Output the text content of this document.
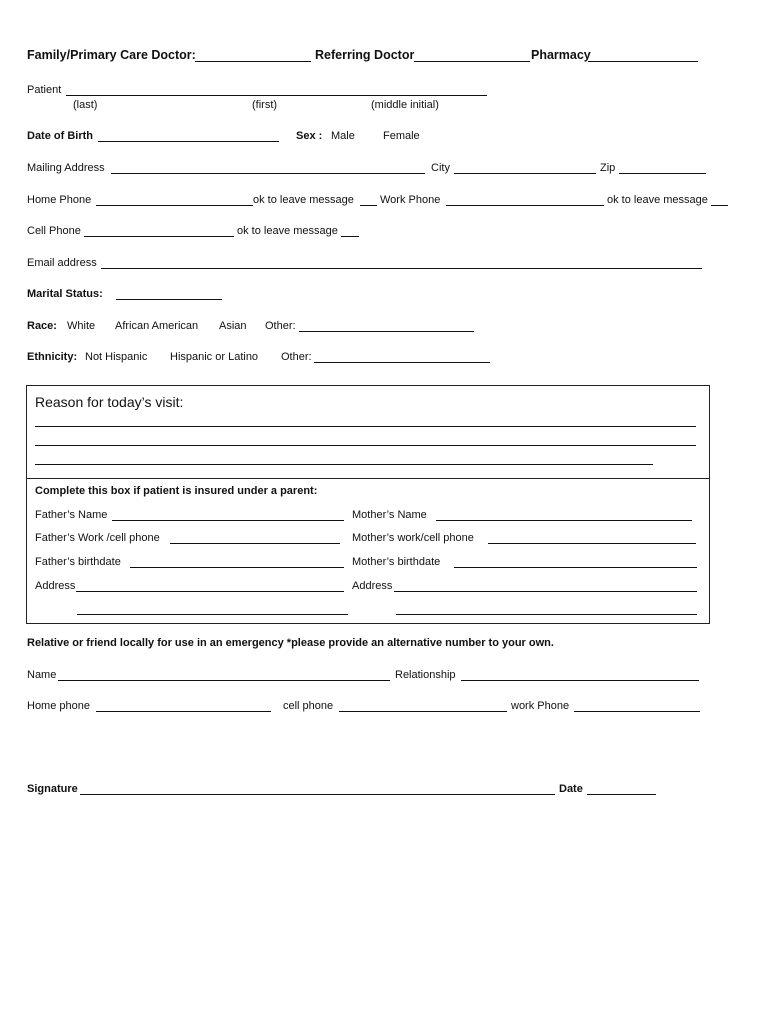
Family/Primary Care Doctor:	Referring Doctor	Pharmacy
Patient
(last)	(first)	(middle initial)
Date of Birth	Sex : Male	Female
Mailing Address	City	Zip
Home Phone	ok to leave message Work Phone	ok to leave message
Cell Phone	ok to leave message
Email address
Marital Status:
Race: White African American Asian Other:
Ethnicity: Not Hispanic Hispanic or Latino Other:
Reason for today’s visit:
Complete this box if patient is insured under a parent:
Father’s Name	Mother’s Name
Father’s Work /cell phone	Mother’s work/cell phone
Father’s birthdate	Mother’s birthdate
Address	Address
Relative or friend locally for use in an emergency *please provide an alternative number to your own.
Name	Relationship
Home phone	cell phone	work Phone
Signature	Date
